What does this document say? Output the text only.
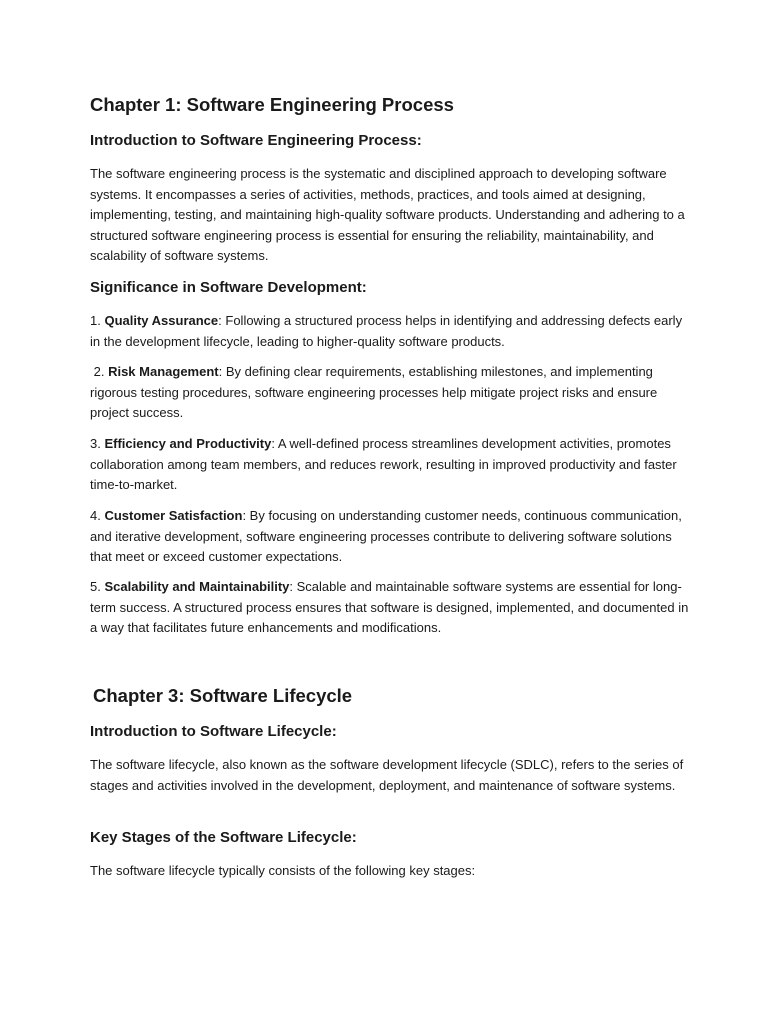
Chapter 1: Software Engineering Process
Introduction to Software Engineering Process:

The software engineering process is the systematic and disciplined approach to developing software systems. It encompasses a series of activities, methods, practices, and tools aimed at designing, implementing, testing, and maintaining high-quality software products. Understanding and adhering to a structured software engineering process is essential for ensuring the reliability, maintainability, and scalability of software systems.

Significance in Software Development:

1. Quality Assurance: Following a structured process helps in identifying and addressing defects early in the development lifecycle, leading to higher-quality software products.

2. Risk Management: By defining clear requirements, establishing milestones, and implementing rigorous testing procedures, software engineering processes help mitigate project risks and ensure project success.

3. Efficiency and Productivity: A well-defined process streamlines development activities, promotes collaboration among team members, and reduces rework, resulting in improved productivity and faster time-to-market.

4. Customer Satisfaction: By focusing on understanding customer needs, continuous communication, and iterative development, software engineering processes contribute to delivering software solutions that meet or exceed customer expectations.

5. Scalability and Maintainability: Scalable and maintainable software systems are essential for long-term success. A structured process ensures that software is designed, implemented, and documented in a way that facilitates future enhancements and modifications.

Chapter 3: Software Lifecycle
Introduction to Software Lifecycle:

The software lifecycle, also known as the software development lifecycle (SDLC), refers to the series of stages and activities involved in the development, deployment, and maintenance of software systems.

Key Stages of the Software Lifecycle:

The software lifecycle typically consists of the following key stages:
